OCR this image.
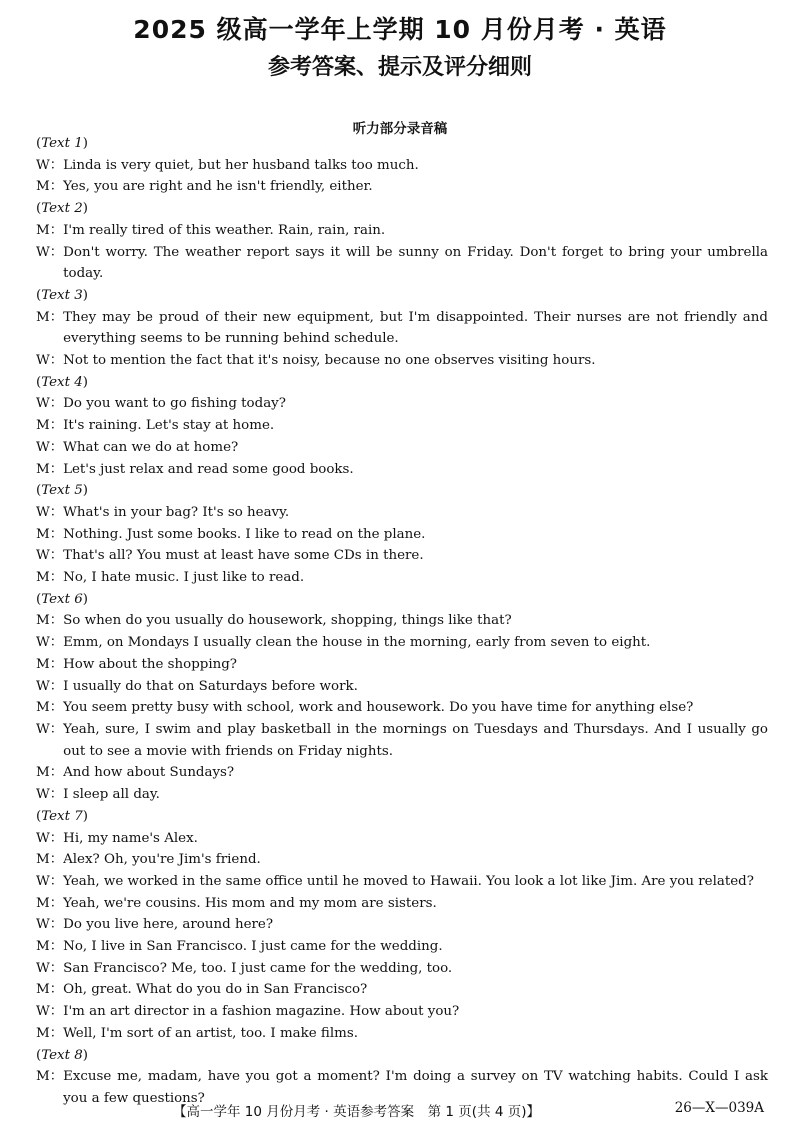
2025 级高一学年上学期 10 月份月考 · 英语
参考答案、提示及评分细则
听力部分录音稿
(Text 1)
W： Linda is very quiet, but her husband talks too much.
M： Yes, you are right and he isn't friendly, either.
(Text 2)
M： I'm really tired of this weather. Rain, rain, rain.
W： Don't worry. The weather report says it will be sunny on Friday. Don't forget to bring your umbrella today.
(Text 3)
M： They may be proud of their new equipment, but I'm disappointed. Their nurses are not friendly and everything seems to be running behind schedule.
W： Not to mention the fact that it's noisy, because no one observes visiting hours.
(Text 4)
W： Do you want to go fishing today?
M： It's raining. Let's stay at home.
W： What can we do at home?
M： Let's just relax and read some good books.
(Text 5)
W： What's in your bag? It's so heavy.
M： Nothing. Just some books. I like to read on the plane.
W： That's all? You must at least have some CDs in there.
M： No, I hate music. I just like to read.
(Text 6)
M： So when do you usually do housework, shopping, things like that?
W： Emm, on Mondays I usually clean the house in the morning, early from seven to eight.
M： How about the shopping?
W： I usually do that on Saturdays before work.
M： You seem pretty busy with school, work and housework. Do you have time for anything else?
W： Yeah, sure, I swim and play basketball in the mornings on Tuesdays and Thursdays. And I usually go out to see a movie with friends on Friday nights.
M： And how about Sundays?
W： I sleep all day.
(Text 7)
W： Hi, my name's Alex.
M： Alex? Oh, you're Jim's friend.
W： Yeah, we worked in the same office until he moved to Hawaii. You look a lot like Jim. Are you related?
M： Yeah, we're cousins. His mom and my mom are sisters.
W： Do you live here, around here?
M： No, I live in San Francisco. I just came for the wedding.
W： San Francisco? Me, too. I just came for the wedding, too.
M： Oh, great. What do you do in San Francisco?
W： I'm an art director in a fashion magazine. How about you?
M： Well, I'm sort of an artist, too. I make films.
(Text 8)
M： Excuse me, madam, have you got a moment? I'm doing a survey on TV watching habits. Could I ask you a few questions?
【高一学年 10 月份月考 · 英语参考答案　第 1 页(共 4 页)】	26—X—039A
